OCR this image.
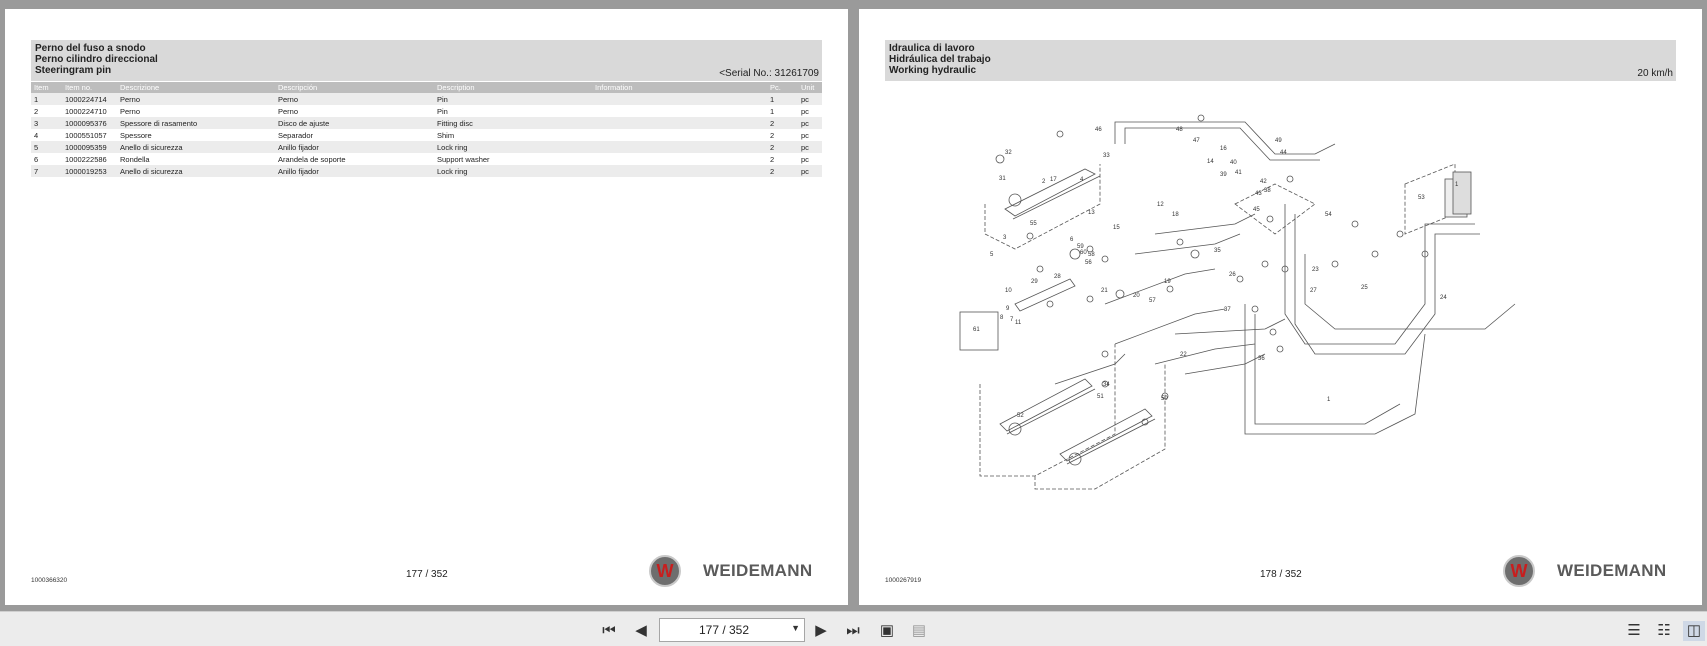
Perno del fuso a snodo
Perno cilindro direccional
Steeringram pin	<Serial No.: 31261709
Item	Item no.	Descrizione	Descripción	Description	Information	Pc.	Unit
1	1000224714	Perno	Perno	Pin		1	pc
2	1000224710	Perno	Perno	Pin		1	pc
3	1000095376	Spessore di rasamento	Disco de ajuste	Fitting disc		2	pc
4	1000551057	Spessore	Separador	Shim		2	pc
5	1000095359	Anello di sicurezza	Anillo fijador	Lock ring		2	pc
6	1000222586	Rondella	Arandela de soporte	Support washer		2	pc
7	1000019253	Anello di sicurezza	Anillo fijador	Lock ring		2	pc
177 / 352
1000366320	W	WEIDEMANN
Idraulica di lavoro
Hidráulica del trabajo
Working hydraulic	20 km/h
48
47
46
16
49
44
32	33
17
31	2	4
14	40
39 41
42
43 38
45
12
18
13
15
55
3
5
6
59
60 58
56
54
35
53
1
11
37
34
28
29
21
57
19
20
23
26
27
10
9
8 7
61
36
22
51
52
50
24
25
1
178 / 352
1000267919	W	WEIDEMANN
⏮	◀	177 / 352	▼	▶	⏭ ▣ ▤	☰ ☷ ◫
